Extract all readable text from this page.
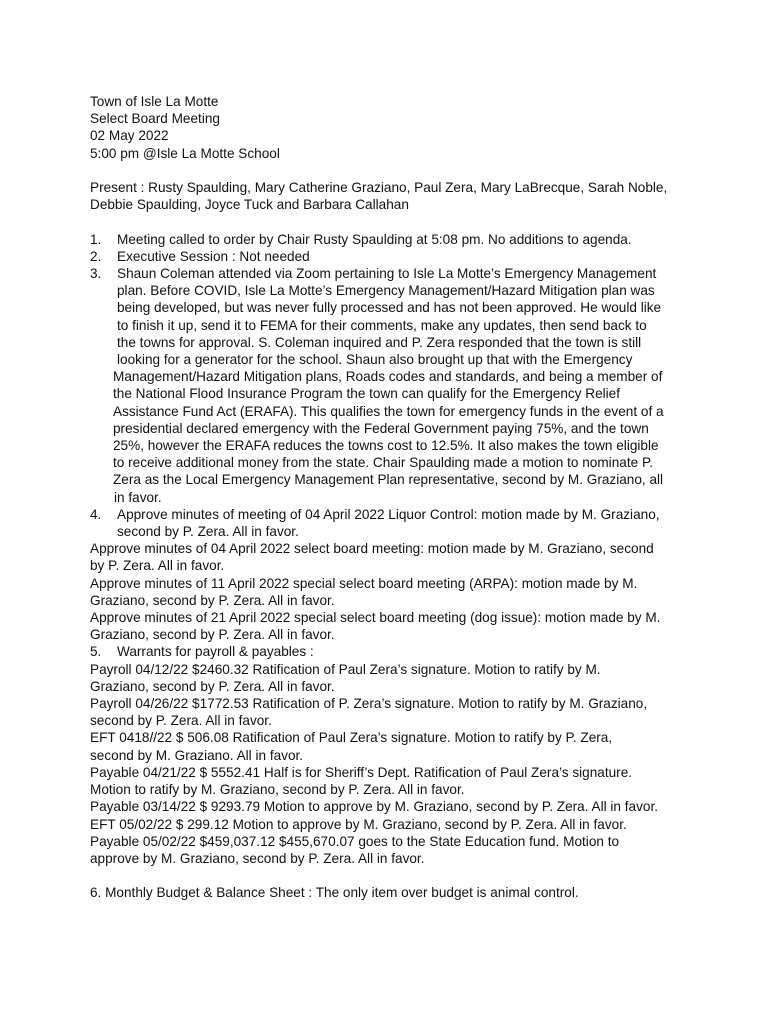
Town of Isle La Motte
Select Board Meeting
02 May 2022
5:00 pm @Isle La Motte School
Present : Rusty Spaulding, Mary Catherine Graziano, Paul Zera, Mary LaBrecque, Sarah Noble,
Debbie Spaulding, Joyce Tuck and Barbara Callahan
1. Meeting called to order by Chair Rusty Spaulding at 5:08 pm. No additions to agenda.
2. Executive Session : Not needed
3. Shaun Coleman attended via Zoom pertaining to Isle La Motte’s Emergency Management
plan. Before COVID, Isle La Motte’s Emergency Management/Hazard Mitigation plan was
being developed, but was never fully processed and has not been approved. He would like
to finish it up, send it to FEMA for their comments, make any updates, then send back to
the towns for approval. S. Coleman inquired and P. Zera responded that the town is still
looking for a generator for the school. Shaun also brought up that with the Emergency
Management/Hazard Mitigation plans, Roads codes and standards, and being a member of
the National Flood Insurance Program the town can qualify for the Emergency Relief
Assistance Fund Act (ERAFA). This qualifies the town for emergency funds in the event of a
presidential declared emergency with the Federal Government paying 75%, and the town
25%, however the ERAFA reduces the towns cost to 12.5%. It also makes the town eligible
to receive additional money from the state. Chair Spaulding made a motion to nominate P.
Zera as the Local Emergency Management Plan representative, second by M. Graziano, all
in favor.
4. Approve minutes of meeting of 04 April 2022 Liquor Control: motion made by M. Graziano,
second by P. Zera. All in favor.
Approve minutes of 04 April 2022 select board meeting: motion made by M. Graziano, second
by P. Zera. All in favor.
Approve minutes of 11 April 2022 special select board meeting (ARPA): motion made by M.
Graziano, second by P. Zera. All in favor.
Approve minutes of 21 April 2022 special select board meeting (dog issue): motion made by M.
Graziano, second by P. Zera. All in favor.
5. Warrants for payroll & payables :
Payroll 04/12/22 $2460.32 Ratification of Paul Zera’s signature. Motion to ratify by M.
Graziano, second by P. Zera. All in favor.
Payroll 04/26/22 $1772.53 Ratification of P. Zera’s signature. Motion to ratify by M. Graziano,
second by P. Zera. All in favor.
EFT 0418//22 $ 506.08 Ratification of Paul Zera’s signature. Motion to ratify by P. Zera,
second by M. Graziano. All in favor.
Payable 04/21/22 $ 5552.41 Half is for Sheriff’s Dept. Ratification of Paul Zera’s signature.
Motion to ratify by M. Graziano, second by P. Zera. All in favor.
Payable 03/14/22 $ 9293.79 Motion to approve by M. Graziano, second by P. Zera. All in favor.
EFT 05/02/22 $ 299.12 Motion to approve by M. Graziano, second by P. Zera. All in favor.
Payable 05/02/22 $459,037.12 $455,670.07 goes to the State Education fund. Motion to
approve by M. Graziano, second by P. Zera. All in favor.
6. Monthly Budget & Balance Sheet : The only item over budget is animal control.
